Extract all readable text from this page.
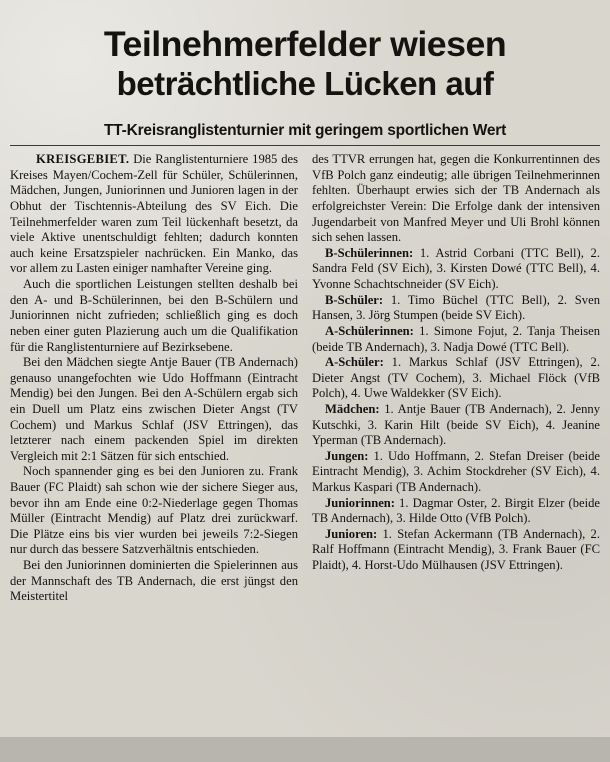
Teilnehmerfelder wiesen
beträchtliche Lücken auf
TT-Kreisranglistenturnier mit geringem sportlichen Wert

KREISGEBIET. Die Ranglistenturniere 1985 des Kreises Mayen/Cochem-Zell für Schüler, Schülerinnen, Mädchen, Jungen, Juniorinnen und Junioren lagen in der Obhut der Tischtennis-Abteilung des SV Eich. Die Teilnehmerfelder waren zum Teil lückenhaft besetzt, da viele Aktive unentschuldigt fehlten; dadurch konnten auch keine Ersatzspieler nachrücken. Ein Manko, das vor allem zu Lasten einiger namhafter Vereine ging.

Auch die sportlichen Leistungen stellten deshalb bei den A- und B-Schülerinnen, bei den B-Schülern und Juniorinnen nicht zufrieden; schließlich ging es doch neben einer guten Plazierung auch um die Qualifikation für die Ranglistenturniere auf Bezirksebene.

Bei den Mädchen siegte Antje Bauer (TB Andernach) genauso unangefochten wie Udo Hoffmann (Eintracht Mendig) bei den Jungen. Bei den A-Schülern ergab sich ein Duell um Platz eins zwischen Dieter Angst (TV Cochem) und Markus Schlaf (JSV Ettringen), das letzterer nach einem packenden Spiel im direkten Vergleich mit 2:1 Sätzen für sich entschied.

Noch spannender ging es bei den Junioren zu. Frank Bauer (FC Plaidt) sah schon wie der sichere Sieger aus, bevor ihn am Ende eine 0:2-Niederlage gegen Thomas Müller (Eintracht Mendig) auf Platz drei zurückwarf. Die Plätze eins bis vier wurden bei jeweils 7:2-Siegen nur durch das bessere Satzverhältnis entschieden.

Bei den Juniorinnen dominierten die Spielerinnen aus der Mannschaft des TB Andernach, die erst jüngst den Meistertitel

des TTVR errungen hat, gegen die Konkurrentinnen des VfB Polch ganz eindeutig; alle übrigen Teilnehmerinnen fehlten. Überhaupt erwies sich der TB Andernach als erfolgreichster Verein: Die Erfolge dank der intensiven Jugendarbeit von Manfred Meyer und Uli Brohl können sich sehen lassen.

B-Schülerinnen: 1. Astrid Corbani (TTC Bell), 2. Sandra Feld (SV Eich), 3. Kirsten Dowé (TTC Bell), 4. Yvonne Schachtschneider (SV Eich).

B-Schüler: 1. Timo Büchel (TTC Bell), 2. Sven Hansen, 3. Jörg Stumpen (beide SV Eich).

A-Schülerinnen: 1. Simone Fojut, 2. Tanja Theisen (beide TB Andernach), 3. Nadja Dowé (TTC Bell).

A-Schüler: 1. Markus Schlaf (JSV Ettringen), 2. Dieter Angst (TV Cochem), 3. Michael Flöck (VfB Polch), 4. Uwe Waldekker (SV Eich).

Mädchen: 1. Antje Bauer (TB Andernach), 2. Jenny Kutschki, 3. Karin Hilt (beide SV Eich), 4. Jeanine Yperman (TB Andernach).

Jungen: 1. Udo Hoffmann, 2. Stefan Dreiser (beide Eintracht Mendig), 3. Achim Stockdreher (SV Eich), 4. Markus Kaspari (TB Andernach).

Juniorinnen: 1. Dagmar Oster, 2. Birgit Elzer (beide TB Andernach), 3. Hilde Otto (VfB Polch).

Junioren: 1. Stefan Ackermann (TB Andernach), 2. Ralf Hoffmann (Eintracht Mendig), 3. Frank Bauer (FC Plaidt), 4. Horst-Udo Mülhausen (JSV Ettringen).
